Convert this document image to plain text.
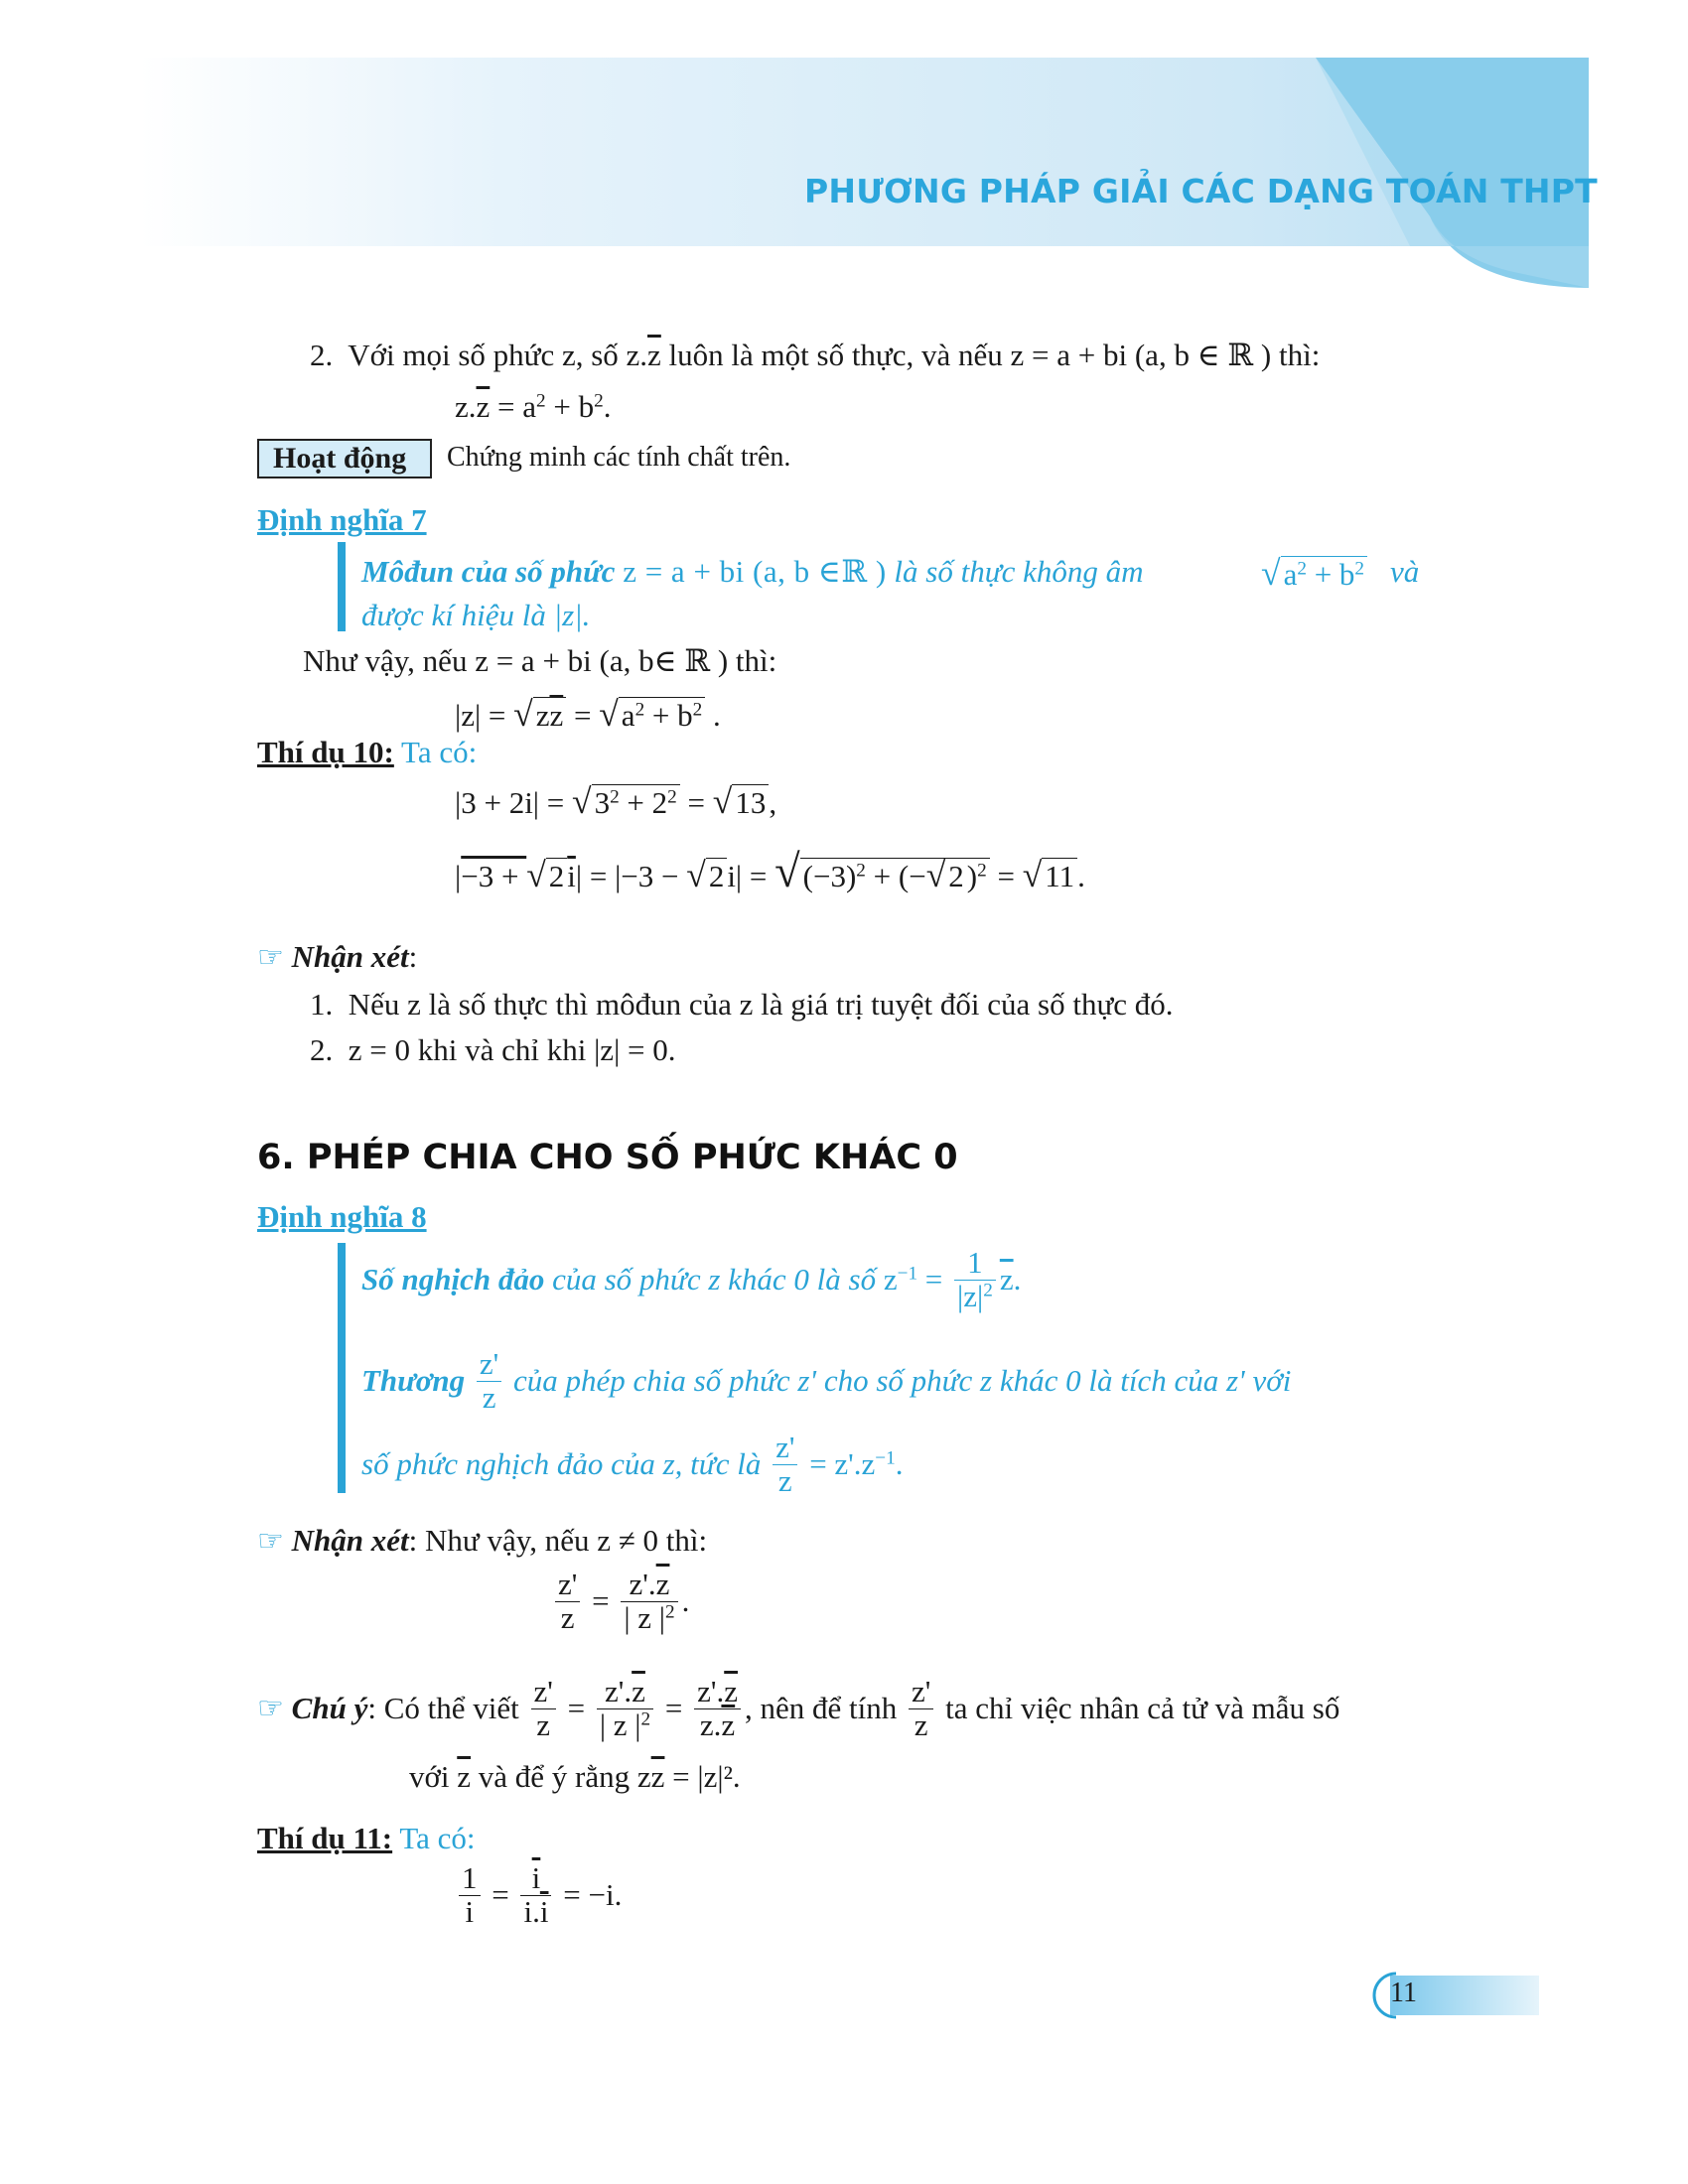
PHƯƠNG PHÁP GIẢI CÁC DẠNG TOÁN THPT
2. Với mọi số phức z, số $z.\overline{z}$ luôn là một số thực, và nếu z = a + bi (a, b ∈ ℝ ) thì:
$z.\overline{z} = a^2 + b^2$.
Hoạt động Chứng minh các tính chất trên.
Định nghĩa 7
Môđun của số phức z = a + bi (a, b ∈ℝ ) là số thực không âm	$√a^2 + b^2$ và
được kí hiệu là |z|.
Như vậy, nếu z = a + bi (a, b∈ ℝ ) thì:
$|z| = √z\overline{z} = √a^2 + b^2$ .
Thí dụ 10: Ta có:
$|3 + 2i| = √3^2 + 2^2 = √13$,
$|-3 + √2i| = |-3 - √2i| = √(-3)^2 + (-√2)^2 = √11$.
☞ Nhận xét:
1. Nếu z là số thực thì môđun của z là giá trị tuyệt đối của số thực đó.
2. z = 0 khi và chỉ khi |z| = 0.
6. PHÉP CHIA CHO SỐ PHỨC KHÁC 0
Định nghĩa 8
Số nghịch đảo của số phức z khác 0 là số $z^{-1} = \frac{1}{|z|^2} \overline{z}$.
Thương $\frac{z'}{z}$ của phép chia số phức z' cho số phức z khác 0 là tích của z' với
số phức nghịch đảo của z, tức là $\frac{z'}{z} = z'.z^{-1}$.
☞ Nhận xét: Như vậy, nếu z ≠ 0 thì:
$\frac{z'}{z} = \frac{z'.\overline{z}}{| z |^2}$ .
☞ Chú ý: Có thể viết $\frac{z'}{z} = \frac{z'.\overline{z}}{| z |^2} = \frac{z'.\overline{z}}{z.\overline{z}}$ , nên để tính $\frac{z'}{z}$ ta chỉ việc nhân cả tử và mẫu số
với $\overline{z}$ và để ý rằng $z\overline{z} = |z|^2$.
Thí dụ 11: Ta có:
$\frac{1}{i} = \frac{\overline{i}}{i.\overline{i}} = -i$.
11
